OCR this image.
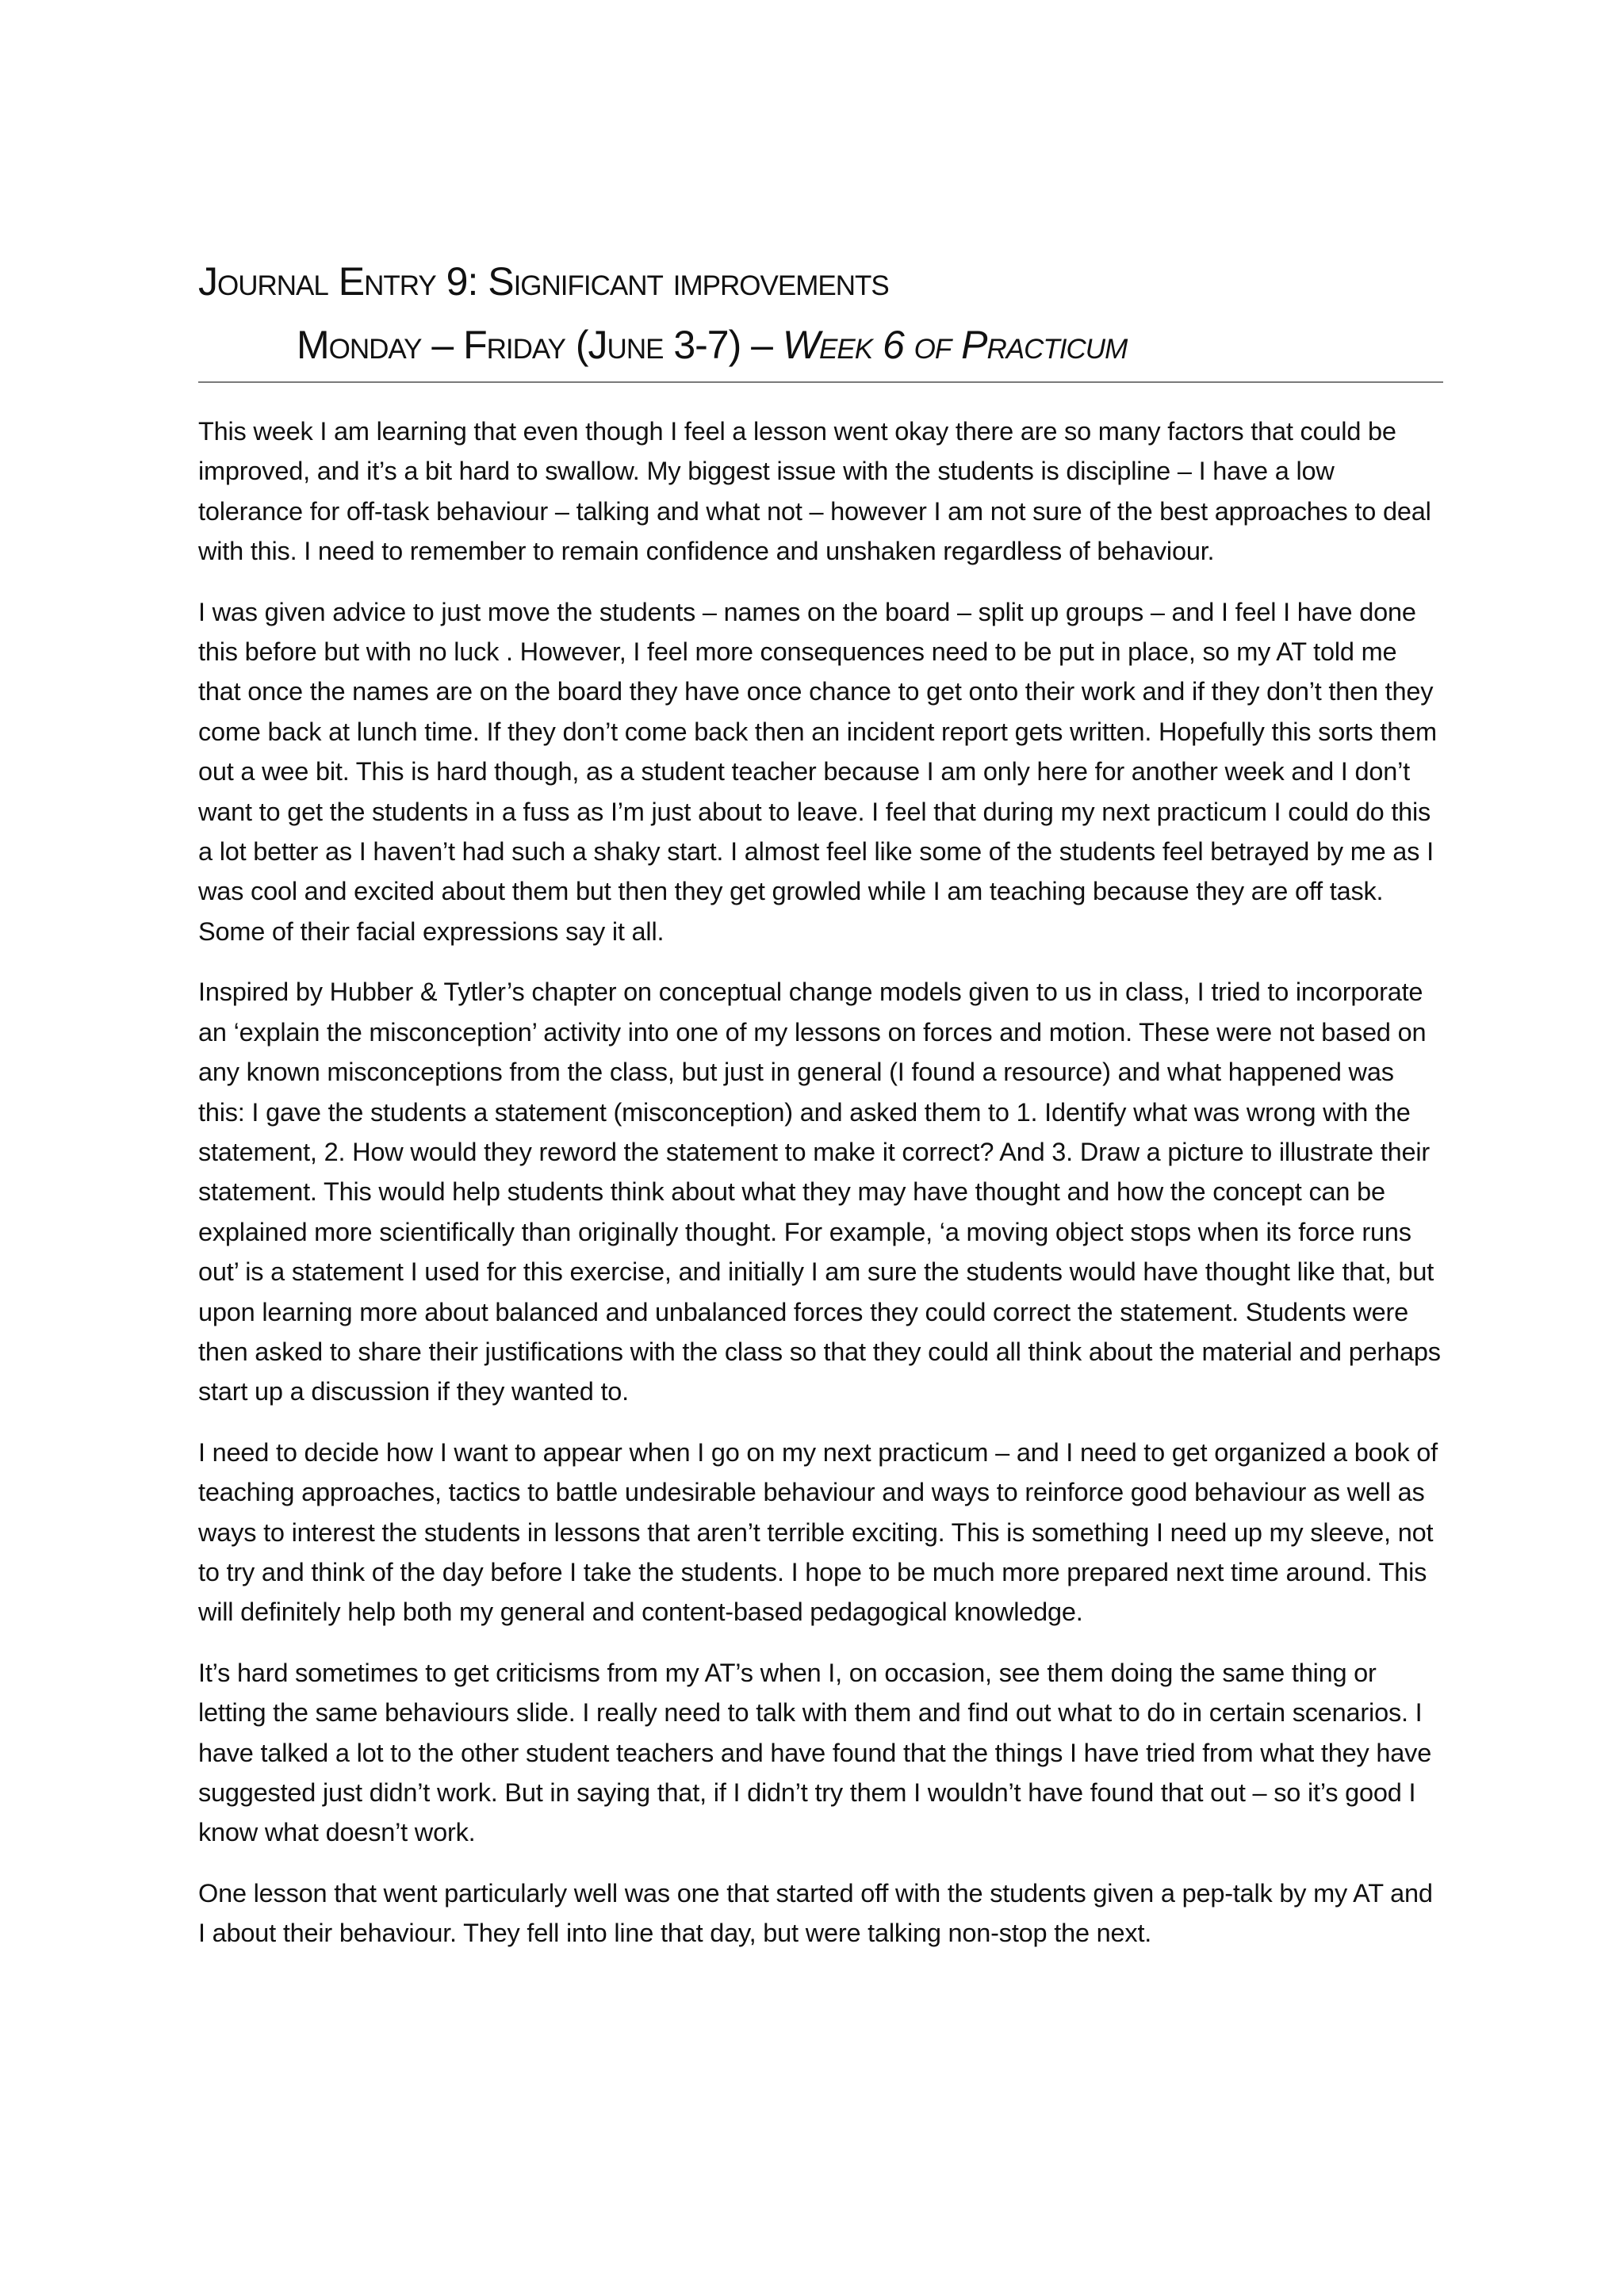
Journal Entry 9: Significant improvements
Monday – Friday (June 3-7) – Week 6 of Practicum

This week I am learning that even though I feel a lesson went okay there are so many factors that could be improved, and it’s a bit hard to swallow. My biggest issue with the students is discipline – I have a low tolerance for off-task behaviour – talking and what not – however I am not sure of the best approaches to deal with this. I need to remember to remain confidence and unshaken regardless of behaviour.

I was given advice to just move the students – names on the board – split up groups – and I feel I have done this before but with no luck . However, I feel more consequences need to be put in place, so my AT told me that once the names are on the board they have once chance to get onto their work and if they don’t then they come back at lunch time. If they don’t come back then an incident report gets written. Hopefully this sorts them out a wee bit. This is hard though, as a student teacher because I am only here for another week and I don’t want to get the students in a fuss as I’m just about to leave. I feel that during my next practicum I could do this a lot better as I haven’t had such a shaky start. I almost feel like some of the students feel betrayed by me as I was cool and excited about them but then they get growled while I am teaching because they are off task. Some of their facial expressions say it all.

Inspired by Hubber & Tytler’s chapter on conceptual change models given to us in class, I tried to incorporate an ‘explain the misconception’ activity into one of my lessons on forces and motion. These were not based on any known misconceptions from the class, but just in general (I found a resource) and what happened was this: I gave the students a statement (misconception) and asked them to 1. Identify what was wrong with the statement, 2. How would they reword the statement to make it correct? And 3. Draw a picture to illustrate their statement. This would help students think about what they may have thought and how the concept can be explained more scientifically than originally thought. For example, ‘a moving object stops when its force runs out’ is a statement I used for this exercise, and initially I am sure the students would have thought like that, but upon learning more about balanced and unbalanced forces they could correct the statement. Students were then asked to share their justifications with the class so that they could all think about the material and perhaps start up a discussion if they wanted to.

I need to decide how I want to appear when I go on my next practicum – and I need to get organized a book of teaching approaches, tactics to battle undesirable behaviour and ways to reinforce good behaviour as well as ways to interest the students in lessons that aren’t terrible exciting. This is something I need up my sleeve, not to try and think of the day before I take the students. I hope to be much more prepared next time around. This will definitely help both my general and content-based pedagogical knowledge.

It’s hard sometimes to get criticisms from my AT’s when I, on occasion, see them doing the same thing or letting the same behaviours slide. I really need to talk with them and find out what to do in certain scenarios. I have talked a lot to the other student teachers and have found that the things I have tried from what they have suggested just didn’t work. But in saying that, if I didn’t try them I wouldn’t have found that out – so it’s good I know what doesn’t work.

One lesson that went particularly well was one that started off with the students given a pep-talk by my AT and I about their behaviour. They fell into line that day, but were talking non-stop the next.
